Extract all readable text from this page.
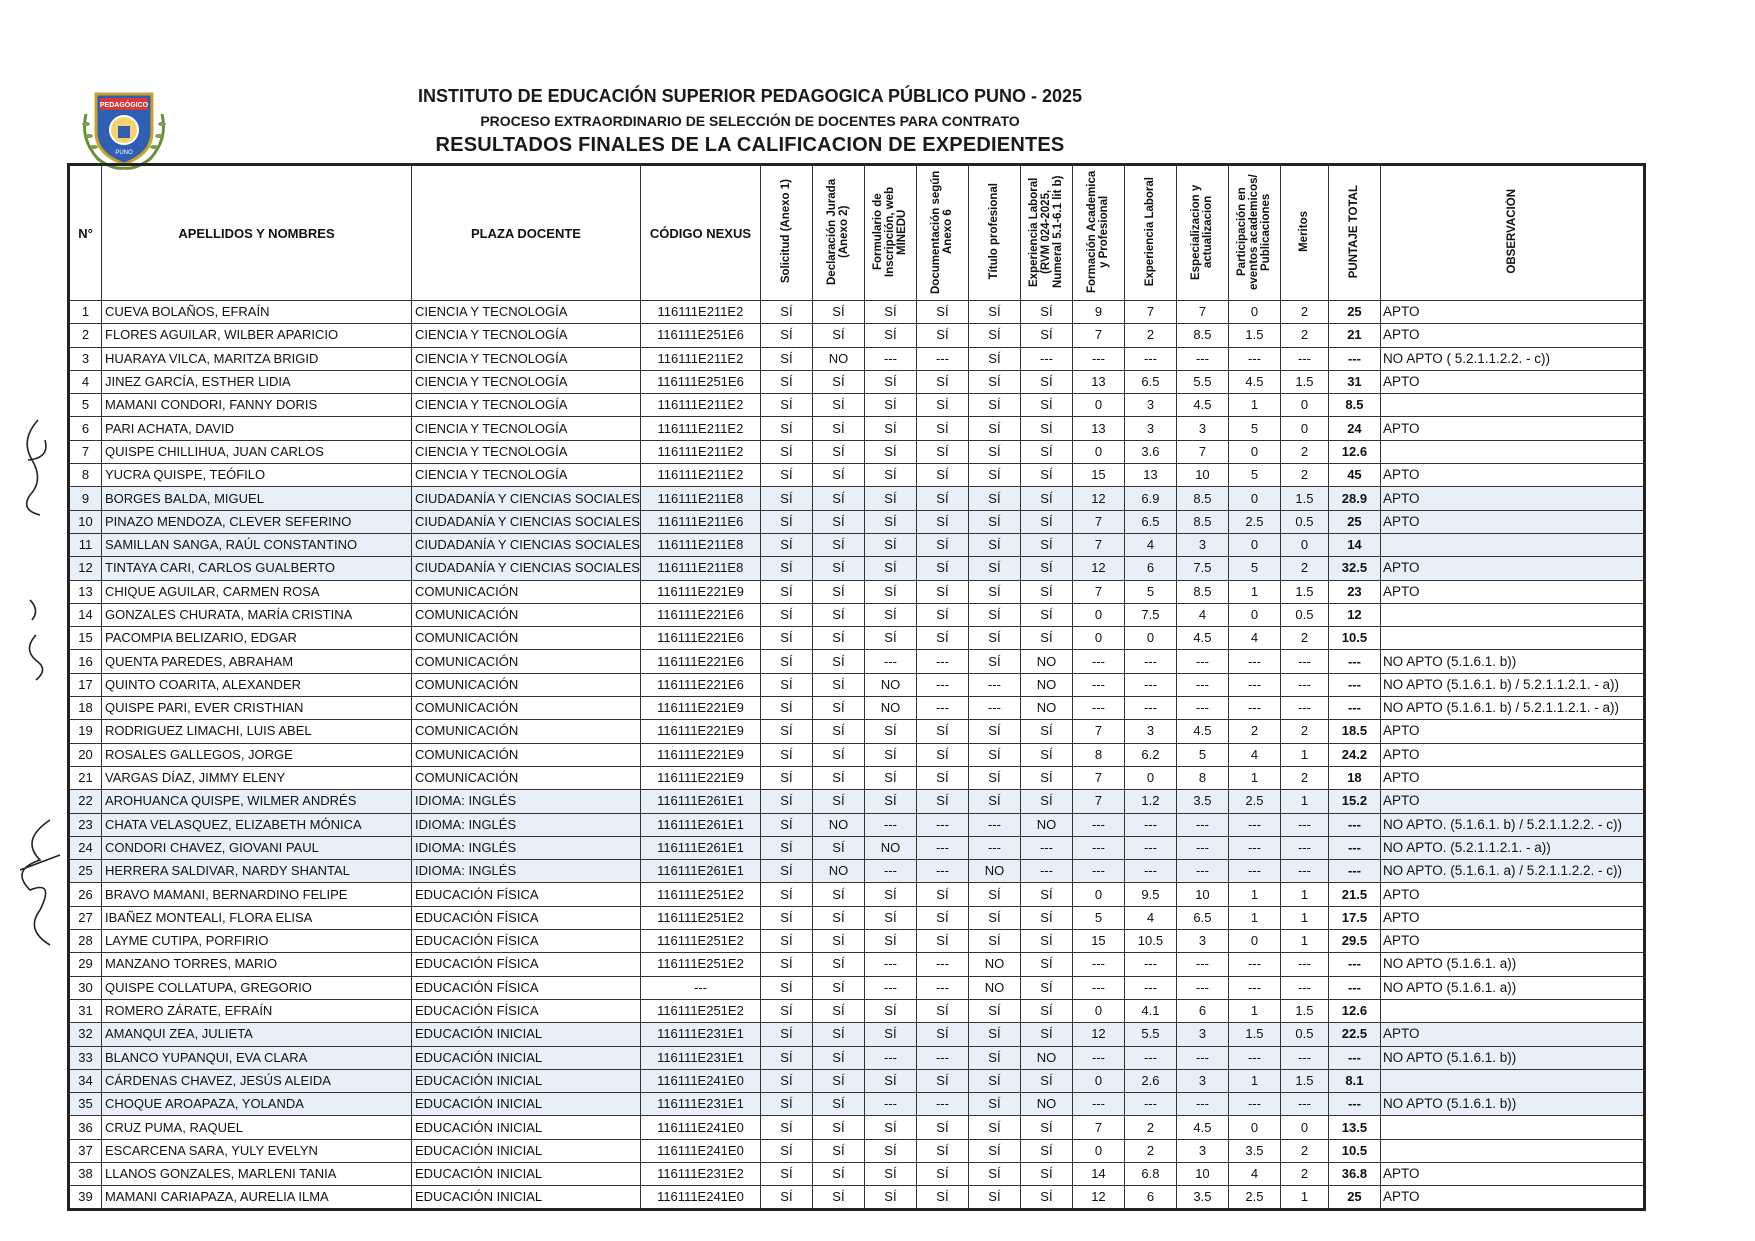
PEDAGÓGICO
PUNO
INSTITUTO DE EDUCACIÓN SUPERIOR PEDAGOGICA PÚBLICO PUNO - 2025
PROCESO EXTRAORDINARIO DE SELECCIÓN DE DOCENTES PARA CONTRATO
RESULTADOS FINALES DE LA CALIFICACION DE EXPEDIENTES
N°	APELLIDOS Y NOMBRES	PLAZA DOCENTE	CÓDIGO NEXUS	Solicitud (Anexo 1)	Declaración Jurada (Anexo 2)	Formulario de Inscripción, web MINEDU	Documentación según Anexo 6	Título profesional	Experiencia Laboral (RVM 024-2025, Numeral 5.1-6.1 lit b)	Formación Academica y Profesional	Experiencia Laboral	Especializacion y actualizacion	Participación en eventos academicos/ Publicaciones	Meritos	PUNTAJE TOTAL	OBSERVACIÓN
1	CUEVA BOLAÑOS, EFRAÍN	CIENCIA Y TECNOLOGÍA	116111E211E2	SÍ	SÍ	SÍ	SÍ	SÍ	SÍ	9	7	7	0	2	25	APTO
2	FLORES AGUILAR, WILBER APARICIO	CIENCIA Y TECNOLOGÍA	116111E251E6	SÍ	SÍ	SÍ	SÍ	SÍ	SÍ	7	2	8.5	1.5	2	21	APTO
3	HUARAYA VILCA, MARITZA BRIGID	CIENCIA Y TECNOLOGÍA	116111E211E2	SÍ	NO	---	---	SÍ	---	---	---	---	---	---	---	NO APTO ( 5.2.1.1.2.2. - c))
4	JINEZ GARCÍA, ESTHER LIDIA	CIENCIA Y TECNOLOGÍA	116111E251E6	SÍ	SÍ	SÍ	SÍ	SÍ	SÍ	13	6.5	5.5	4.5	1.5	31	APTO
5	MAMANI CONDORI, FANNY DORIS	CIENCIA Y TECNOLOGÍA	116111E211E2	SÍ	SÍ	SÍ	SÍ	SÍ	SÍ	0	3	4.5	1	0	8.5	
6	PARI ACHATA, DAVID	CIENCIA Y TECNOLOGÍA	116111E211E2	SÍ	SÍ	SÍ	SÍ	SÍ	SÍ	13	3	3	5	0	24	APTO
7	QUISPE CHILLIHUA, JUAN CARLOS	CIENCIA Y TECNOLOGÍA	116111E211E2	SÍ	SÍ	SÍ	SÍ	SÍ	SÍ	0	3.6	7	0	2	12.6	
8	YUCRA QUISPE, TEÓFILO	CIENCIA Y TECNOLOGÍA	116111E211E2	SÍ	SÍ	SÍ	SÍ	SÍ	SÍ	15	13	10	5	2	45	APTO
9	BORGES BALDA, MIGUEL	CIUDADANÍA Y CIENCIAS SOCIALES	116111E211E8	SÍ	SÍ	SÍ	SÍ	SÍ	SÍ	12	6.9	8.5	0	1.5	28.9	APTO
10	PINAZO MENDOZA, CLEVER SEFERINO	CIUDADANÍA Y CIENCIAS SOCIALES	116111E211E6	SÍ	SÍ	SÍ	SÍ	SÍ	SÍ	7	6.5	8.5	2.5	0.5	25	APTO
11	SAMILLAN SANGA, RAÚL CONSTANTINO	CIUDADANÍA Y CIENCIAS SOCIALES	116111E211E8	SÍ	SÍ	SÍ	SÍ	SÍ	SÍ	7	4	3	0	0	14	
12	TINTAYA CARI, CARLOS GUALBERTO	CIUDADANÍA Y CIENCIAS SOCIALES	116111E211E8	SÍ	SÍ	SÍ	SÍ	SÍ	SÍ	12	6	7.5	5	2	32.5	APTO
13	CHIQUE AGUILAR, CARMEN ROSA	COMUNICACIÓN	116111E221E9	SÍ	SÍ	SÍ	SÍ	SÍ	SÍ	7	5	8.5	1	1.5	23	APTO
14	GONZALES CHURATA, MARÍA CRISTINA	COMUNICACIÓN	116111E221E6	SÍ	SÍ	SÍ	SÍ	SÍ	SÍ	0	7.5	4	0	0.5	12	
15	PACOMPIA BELIZARIO, EDGAR	COMUNICACIÓN	116111E221E6	SÍ	SÍ	SÍ	SÍ	SÍ	SÍ	0	0	4.5	4	2	10.5	
16	QUENTA PAREDES, ABRAHAM	COMUNICACIÓN	116111E221E6	SÍ	SÍ	---	---	SÍ	NO	---	---	---	---	---	---	NO APTO (5.1.6.1. b))
17	QUINTO COARITA, ALEXANDER	COMUNICACIÓN	116111E221E6	SÍ	SÍ	NO	---	---	NO	---	---	---	---	---	---	NO APTO (5.1.6.1. b) / 5.2.1.1.2.1. - a))
18	QUISPE PARI, EVER CRISTHIAN	COMUNICACIÓN	116111E221E9	SÍ	SÍ	NO	---	---	NO	---	---	---	---	---	---	NO APTO (5.1.6.1. b) / 5.2.1.1.2.1. - a))
19	RODRIGUEZ LIMACHI, LUIS ABEL	COMUNICACIÓN	116111E221E9	SÍ	SÍ	SÍ	SÍ	SÍ	SÍ	7	3	4.5	2	2	18.5	APTO
20	ROSALES GALLEGOS, JORGE	COMUNICACIÓN	116111E221E9	SÍ	SÍ	SÍ	SÍ	SÍ	SÍ	8	6.2	5	4	1	24.2	APTO
21	VARGAS DÍAZ, JIMMY ELENY	COMUNICACIÓN	116111E221E9	SÍ	SÍ	SÍ	SÍ	SÍ	SÍ	7	0	8	1	2	18	APTO
22	AROHUANCA QUISPE, WILMER ANDRÉS	IDIOMA: INGLÉS	116111E261E1	SÍ	SÍ	SÍ	SÍ	SÍ	SÍ	7	1.2	3.5	2.5	1	15.2	APTO
23	CHATA VELASQUEZ, ELIZABETH MÓNICA	IDIOMA: INGLÉS	116111E261E1	SÍ	NO	---	---	---	NO	---	---	---	---	---	---	NO APTO. (5.1.6.1. b) / 5.2.1.1.2.2. - c))
24	CONDORI CHAVEZ, GIOVANI PAUL	IDIOMA: INGLÉS	116111E261E1	SÍ	SÍ	NO	---	---	---	---	---	---	---	---	---	NO APTO. (5.2.1.1.2.1. - a))
25	HERRERA SALDIVAR, NARDY SHANTAL	IDIOMA: INGLÉS	116111E261E1	SÍ	NO	---	---	NO	---	---	---	---	---	---	---	NO APTO. (5.1.6.1. a) / 5.2.1.1.2.2. - c))
26	BRAVO MAMANI, BERNARDINO FELIPE	EDUCACIÓN FÍSICA	116111E251E2	SÍ	SÍ	SÍ	SÍ	SÍ	SÍ	0	9.5	10	1	1	21.5	APTO
27	IBAÑEZ MONTEALI, FLORA ELISA	EDUCACIÓN FÍSICA	116111E251E2	SÍ	SÍ	SÍ	SÍ	SÍ	SÍ	5	4	6.5	1	1	17.5	APTO
28	LAYME CUTIPA, PORFIRIO	EDUCACIÓN FÍSICA	116111E251E2	SÍ	SÍ	SÍ	SÍ	SÍ	SÍ	15	10.5	3	0	1	29.5	APTO
29	MANZANO TORRES, MARIO	EDUCACIÓN FÍSICA	116111E251E2	SÍ	SÍ	---	---	NO	SÍ	---	---	---	---	---	---	NO APTO (5.1.6.1. a))
30	QUISPE COLLATUPA, GREGORIO	EDUCACIÓN FÍSICA	---	SÍ	SÍ	---	---	NO	SÍ	---	---	---	---	---	---	NO APTO (5.1.6.1. a))
31	ROMERO ZÁRATE, EFRAÍN	EDUCACIÓN FÍSICA	116111E251E2	SÍ	SÍ	SÍ	SÍ	SÍ	SÍ	0	4.1	6	1	1.5	12.6	
32	AMANQUI ZEA, JULIETA	EDUCACIÓN INICIAL	116111E231E1	SÍ	SÍ	SÍ	SÍ	SÍ	SÍ	12	5.5	3	1.5	0.5	22.5	APTO
33	BLANCO YUPANQUI, EVA CLARA	EDUCACIÓN INICIAL	116111E231E1	SÍ	SÍ	---	---	SÍ	NO	---	---	---	---	---	---	NO APTO (5.1.6.1. b))
34	CÁRDENAS CHAVEZ, JESÚS ALEIDA	EDUCACIÓN INICIAL	116111E241E0	SÍ	SÍ	SÍ	SÍ	SÍ	SÍ	0	2.6	3	1	1.5	8.1	
35	CHOQUE AROAPAZA, YOLANDA	EDUCACIÓN INICIAL	116111E231E1	SÍ	SÍ	---	---	SÍ	NO	---	---	---	---	---	---	NO APTO (5.1.6.1. b))
36	CRUZ PUMA, RAQUEL	EDUCACIÓN INICIAL	116111E241E0	SÍ	SÍ	SÍ	SÍ	SÍ	SÍ	7	2	4.5	0	0	13.5	
37	ESCARCENA SARA, YULY EVELYN	EDUCACIÓN INICIAL	116111E241E0	SÍ	SÍ	SÍ	SÍ	SÍ	SÍ	0	2	3	3.5	2	10.5	
38	LLANOS GONZALES, MARLENI TANIA	EDUCACIÓN INICIAL	116111E231E2	SÍ	SÍ	SÍ	SÍ	SÍ	SÍ	14	6.8	10	4	2	36.8	APTO
39	MAMANI CARIAPAZA, AURELIA ILMA	EDUCACIÓN INICIAL	116111E241E0	SÍ	SÍ	SÍ	SÍ	SÍ	SÍ	12	6	3.5	2.5	1	25	APTO
